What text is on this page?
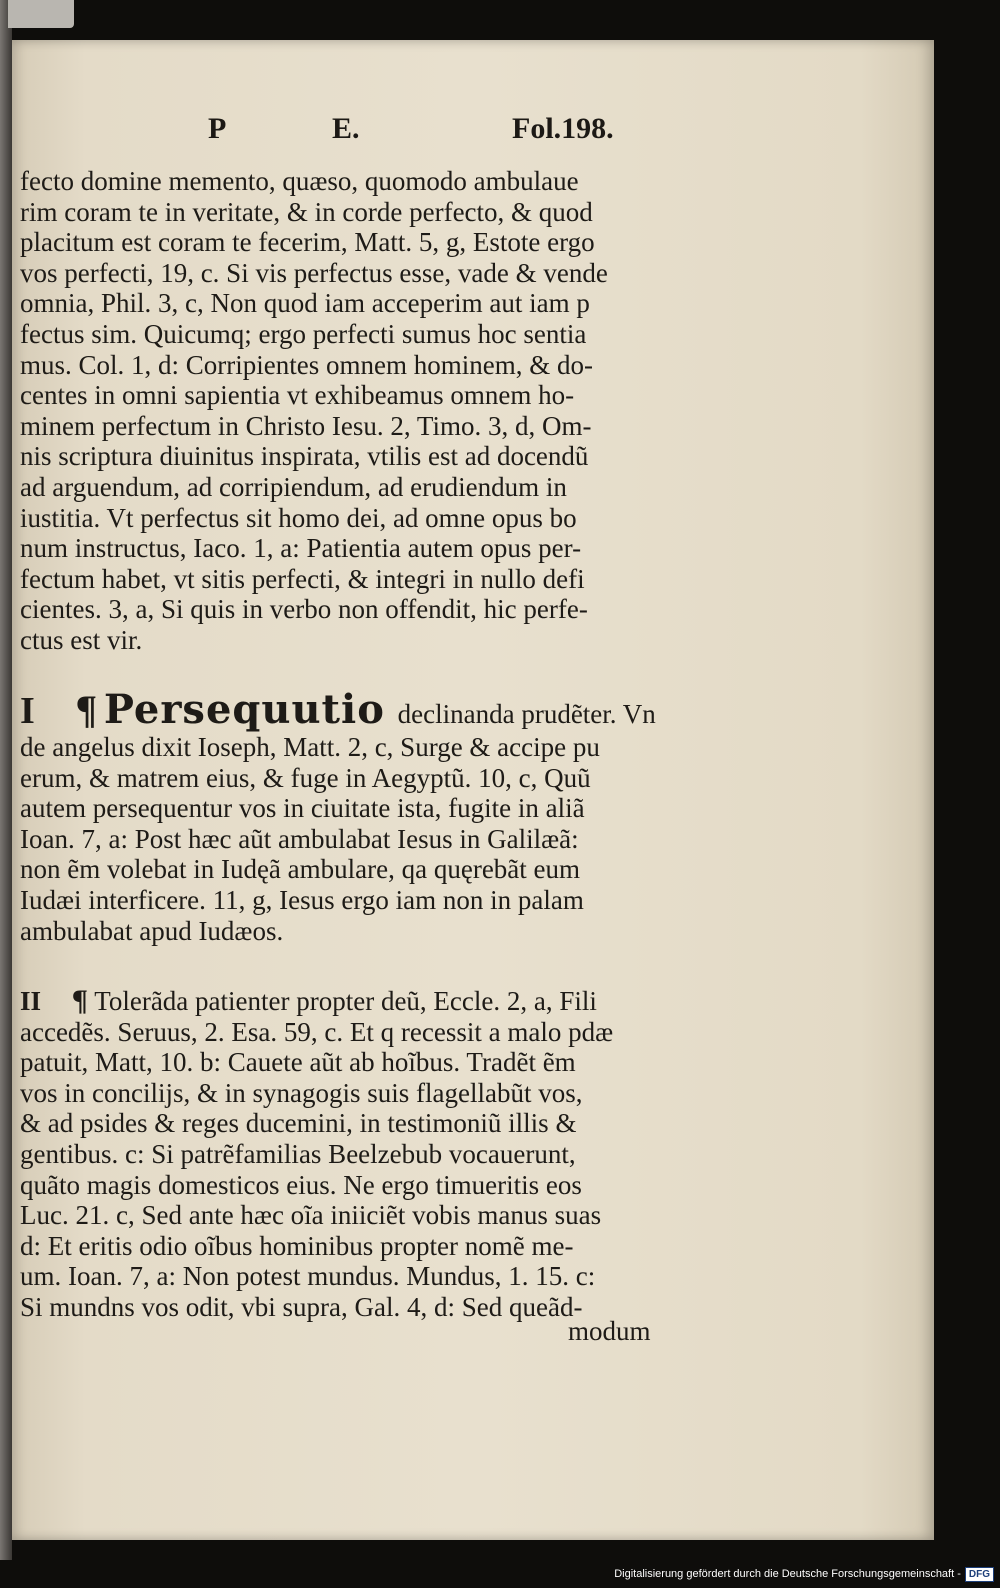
P	E.	Fol.198.
fecto domine memento, quæso, quomodo ambulaue
rim coram te in veritate, & in corde perfecto, & quod
placitum est coram te fecerim, Matt. 5, g, Estote ergo
vos perfecti, 19, c. Si vis perfectus esse, vade & vende
omnia, Phil. 3, c, Non quod iam acceperim aut iam p
fectus sim. Quicumq; ergo perfecti sumus hoc sentia
mus. Col. 1, d: Corripientes omnem hominem, & do-
centes in omni sapientia vt exhibeamus omnem ho-
minem perfectum in Christo Iesu. 2, Timo. 3, d, Om-
nis scriptura diuinitus inspirata, vtilis est ad docendũ
ad arguendum, ad corripiendum, ad erudiendum in
iustitia. Vt perfectus sit homo dei, ad omne opus bo
num instructus, Iaco. 1, a: Patientia autem opus per-
fectum habet, vt sitis perfecti, & integri in nullo defi
cientes. 3, a, Si quis in verbo non offendit, hic perfe-
ctus est vir.
I ¶ Persequutio declinanda prudẽter. Vn
de angelus dixit Ioseph, Matt. 2, c, Surge & accipe pu
erum, & matrem eius, & fuge in Aegyptũ. 10, c, Quũ
autem persequentur vos in ciuitate ista, fugite in aliã
Ioan. 7, a: Post hæc aũt ambulabat Iesus in Galilæã:
non ẽm volebat in Iudęã ambulare, qa quęrebãt eum
Iudæi interficere. 11, g, Iesus ergo iam non in palam
ambulabat apud Iudæos.
II ¶ Tolerãda patienter propter deũ, Eccle. 2, a, Fili
accedẽs. Seruus, 2. Esa. 59, c. Et q recessit a malo pdæ
patuit, Matt, 10. b: Cauete aũt ab hoĩbus. Tradẽt ẽm
vos in concilijs, & in synagogis suis flagellabũt vos,
& ad psides & reges ducemini, in testimoniũ illis &
gentibus. c: Si patrẽfamilias Beelzebub vocauerunt,
quãto magis domesticos eius. Ne ergo timueritis eos
Luc. 21. c, Sed ante hæc oĩa iniiciẽt vobis manus suas
d: Et eritis odio oĩbus hominibus propter nomẽ me-
um. Ioan. 7, a: Non potest mundus. Mundus, 1. 15. c:
Si mundns vos odit, vbi supra, Gal. 4, d: Sed queãd-
modum
Digitalisierung gefördert durch die Deutsche Forschungsgemeinschaft - DFG
